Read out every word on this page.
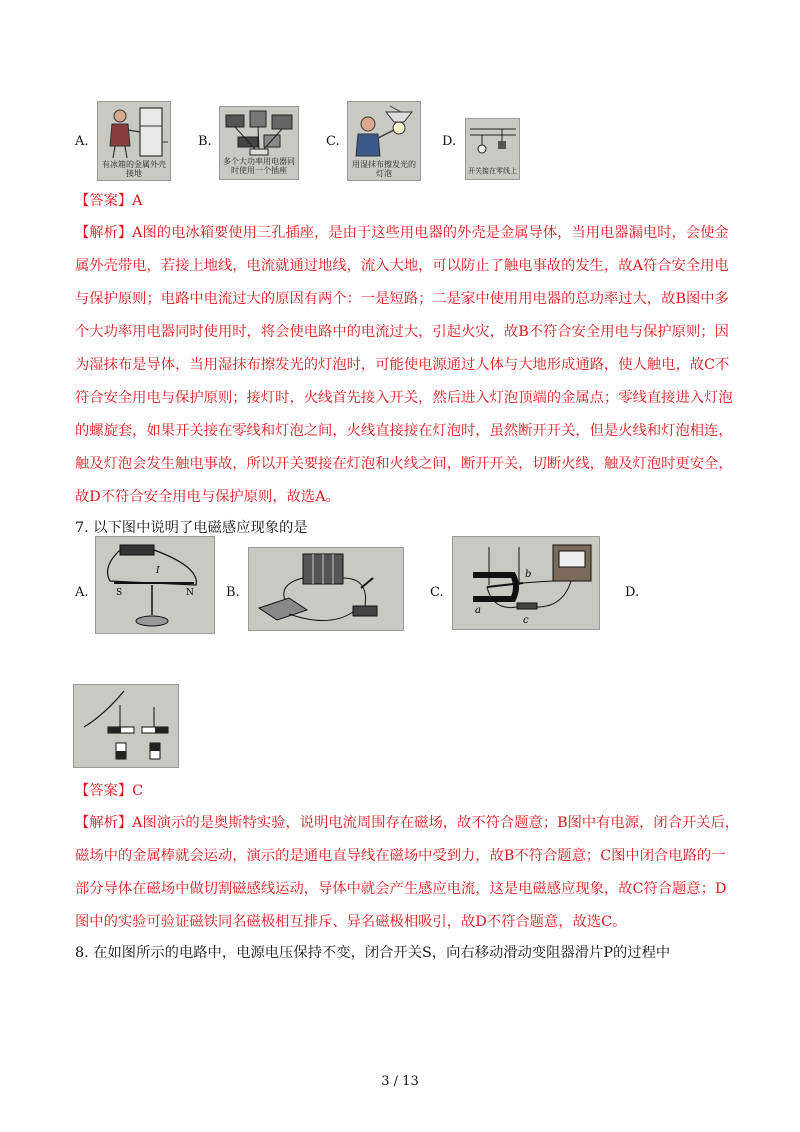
A.
有冰箱的金属外壳接地
B.
多个大功率用电器同时使用一个插座
C.
用湿抹布擦发光的灯泡
D.
开关接在零线上
【答案】A
【解析】A图的电冰箱要使用三孔插座，是由于这些用电器的外壳是金属导体，当用电器漏电时，会使金
属外壳带电，若接上地线，电流就通过地线，流入大地，可以防止了触电事故的发生，故A符合安全用电
与保护原则；电路中电流过大的原因有两个：一是短路；二是家中使用用电器的总功率过大，故B图中多
个大功率用电器同时使用时，将会使电路中的电流过大，引起火灾，故B不符合安全用电与保护原则；因
为湿抹布是导体，当用湿抹布擦发光的灯泡时，可能使电源通过人体与大地形成通路，使人触电，故C不
符合安全用电与保护原则；接灯时，火线首先接入开关，然后进入灯泡顶端的金属点；零线直接进入灯泡
的螺旋套，如果开关接在零线和灯泡之间，火线直接接在灯泡时，虽然断开开关，但是火线和灯泡相连，
触及灯泡会发生触电事故，所以开关要接在灯泡和火线之间，断开开关，切断火线，触及灯泡时更安全，
故D不符合安全用电与保护原则，故选A。
7. 以下图中说明了电磁感应现象的是
A.	S	N
I
B.	C.
b
a
c
D.
【答案】C
【解析】A图演示的是奥斯特实验，说明电流周围存在磁场，故不符合题意；B图中有电源，闭合开关后，
磁场中的金属棒就会运动，演示的是通电直导线在磁场中受到力，故B不符合题意；C图中闭合电路的一
部分导体在磁场中做切割磁感线运动，导体中就会产生感应电流，这是电磁感应现象，故C符合题意；D
图中的实验可验证磁铁同名磁极相互排斥、异名磁极相吸引，故D不符合题意，故选C。
8. 在如图所示的电路中，电源电压保持不变，闭合开关S，向右移动滑动变阻器滑片P的过程中
3 / 13
